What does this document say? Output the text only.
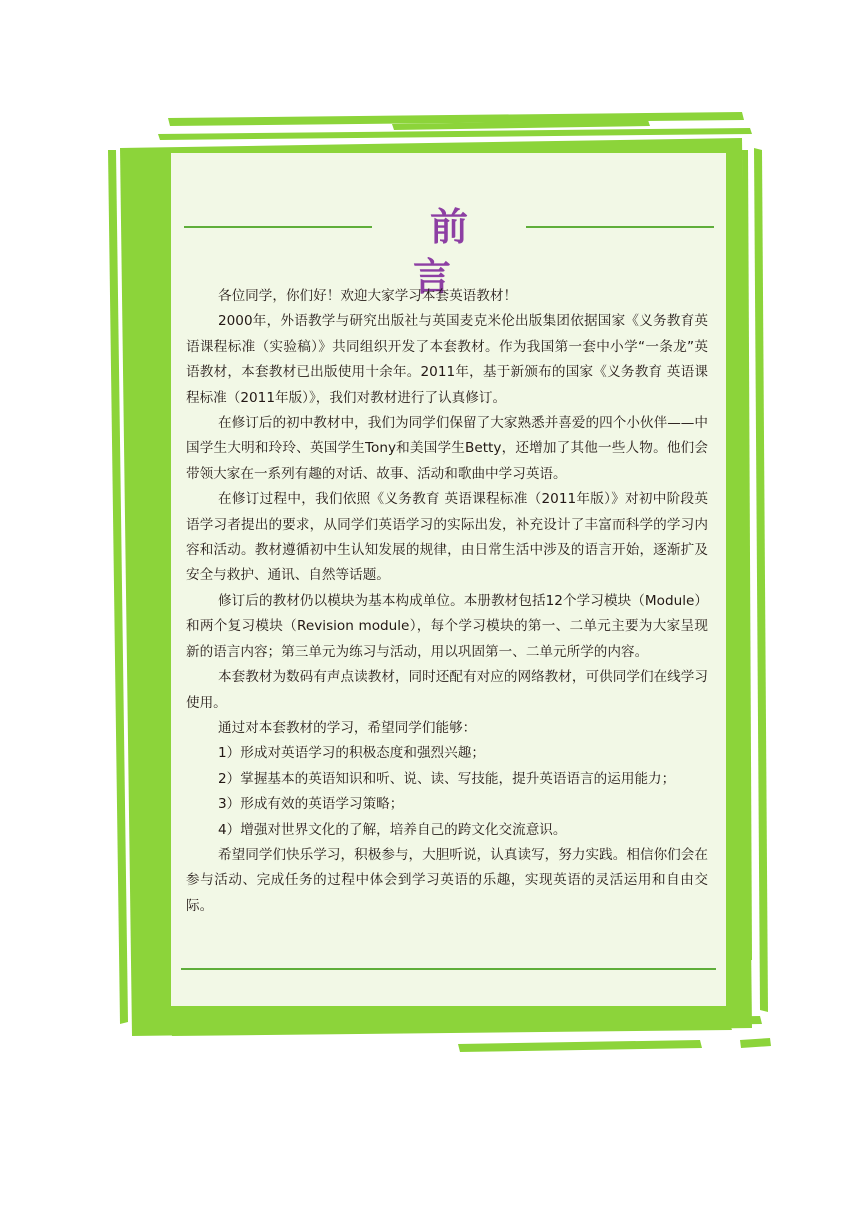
前言

各位同学，你们好！欢迎大家学习本套英语教材！

2000年，外语教学与研究出版社与英国麦克米伦出版集团依据国家《义务教育英语课程标准（实验稿）》共同组织开发了本套教材。作为我国第一套中小学“一条龙”英语教材，本套教材已出版使用十余年。2011年，基于新颁布的国家《义务教育 英语课程标准（2011年版）》，我们对教材进行了认真修订。

在修订后的初中教材中，我们为同学们保留了大家熟悉并喜爱的四个小伙伴——中国学生大明和玲玲、英国学生Tony和美国学生Betty，还增加了其他一些人物。他们会带领大家在一系列有趣的对话、故事、活动和歌曲中学习英语。

在修订过程中，我们依照《义务教育 英语课程标准（2011年版）》对初中阶段英语学习者提出的要求，从同学们英语学习的实际出发，补充设计了丰富而科学的学习内容和活动。教材遵循初中生认知发展的规律，由日常生活中涉及的语言开始，逐渐扩及安全与救护、通讯、自然等话题。

修订后的教材仍以模块为基本构成单位。本册教材包括12个学习模块（Module）和两个复习模块（Revision module），每个学习模块的第一、二单元主要为大家呈现新的语言内容；第三单元为练习与活动，用以巩固第一、二单元所学的内容。

本套教材为数码有声点读教材，同时还配有对应的网络教材，可供同学们在线学习使用。

通过对本套教材的学习，希望同学们能够：

1）形成对英语学习的积极态度和强烈兴趣；

2）掌握基本的英语知识和听、说、读、写技能，提升英语语言的运用能力；

3）形成有效的英语学习策略；

4）增强对世界文化的了解，培养自己的跨文化交流意识。

希望同学们快乐学习，积极参与，大胆听说，认真读写，努力实践。相信你们会在参与活动、完成任务的过程中体会到学习英语的乐趣，实现英语的灵活运用和自由交际。
